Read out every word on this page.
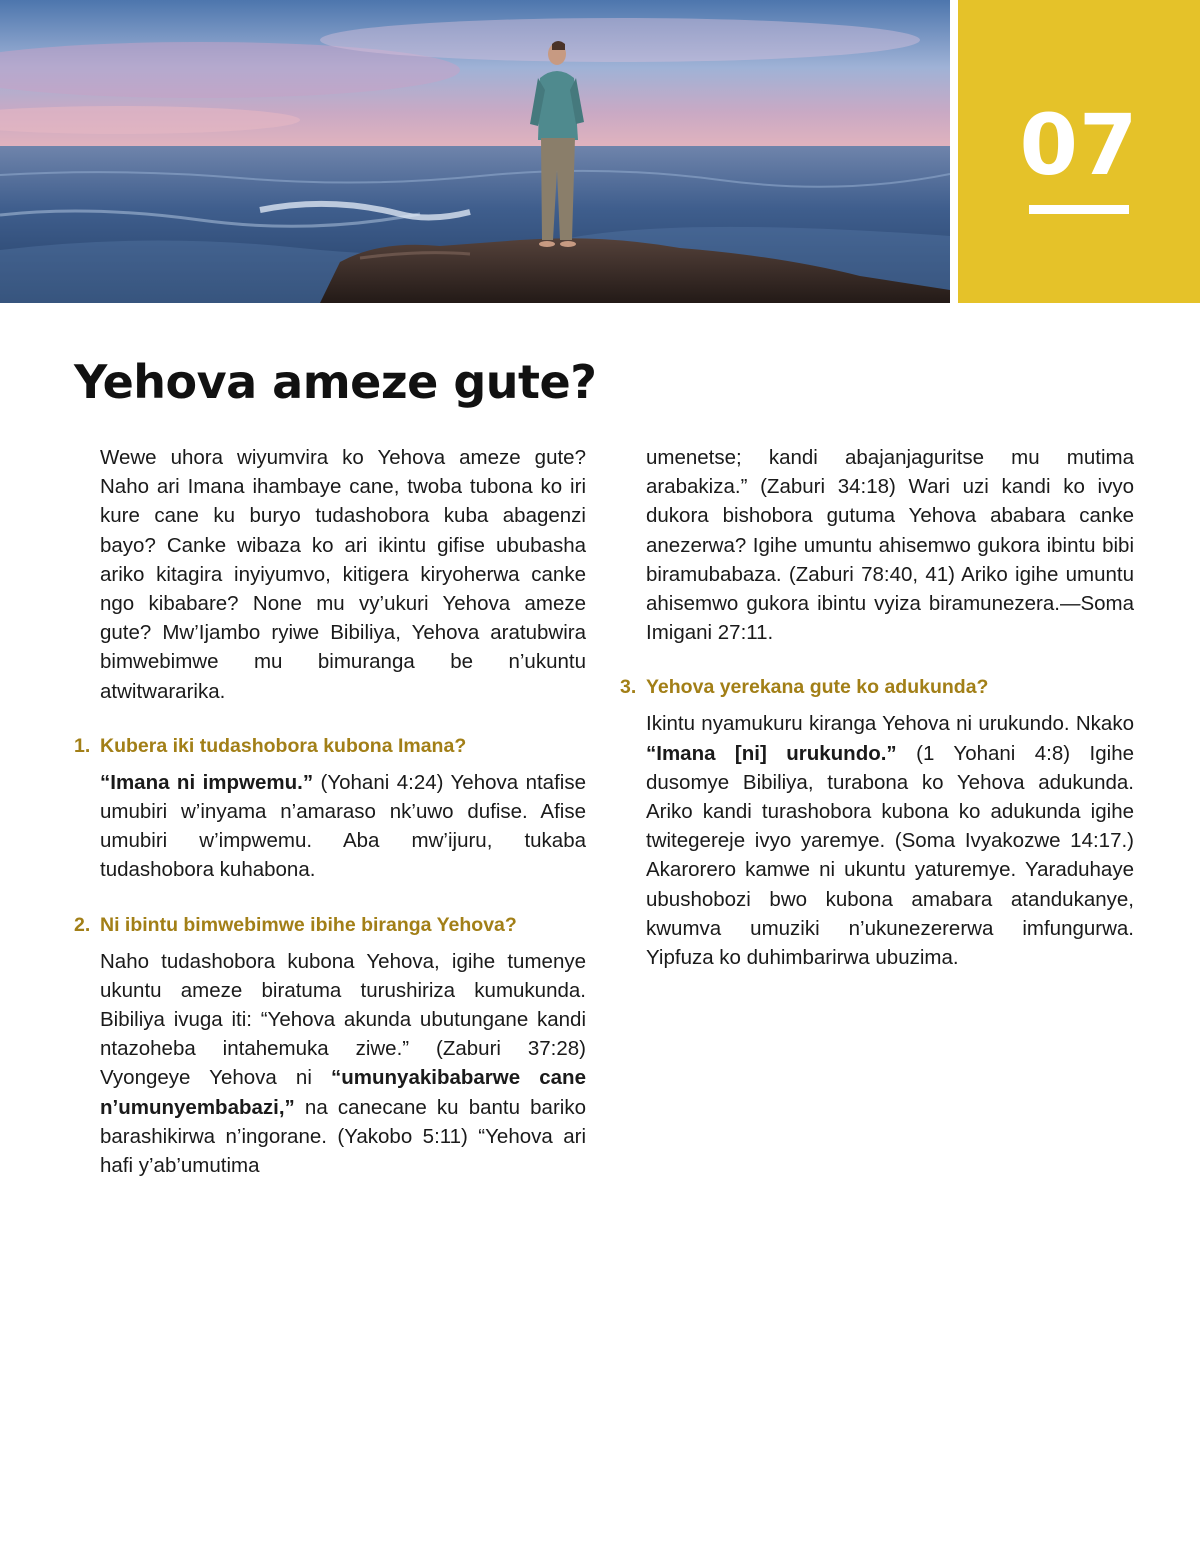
07
Yehova ameze gute?

Wewe uhora wiyumvira ko Yehova ameze gute? Naho ari Imana ihambaye cane, twoba tubona ko iri kure cane ku buryo tudashobora kuba abagenzi bayo? Canke wibaza ko ari ikintu gifise ububasha ariko kitagira inyiyumvo, kitigera kiryoherwa canke ngo kibabare? None mu vy’ukuri Yehova ameze gute? Mw’Ijambo ryiwe Bibiliya, Yehova aratubwira bimwebimwe mu bimuranga be n’ukuntu atwitwararika.

1. Kubera iki tudashobora kubona Imana?

“Imana ni impwemu.” (Yohani 4:24) Yehova ntafise umubiri w’inyama n’amaraso nk’uwo dufise. Afise umubiri w’impwemu. Aba mw’ijuru, tukaba tudashobora kuhabona.

2. Ni ibintu bimwebimwe ibihe biranga Yehova?

Naho tudashobora kubona Yehova, igihe tumenye ukuntu ameze biratuma turushiriza kumukunda. Bibiliya ivuga iti: “Yehova akunda ubutungane kandi ntazoheba intahemuka ziwe.” (Zaburi 37:28) Vyongeye Yehova ni “umunyakibabarwe cane n’umunyembabazi,” na canecane ku bantu bariko barashikirwa n’ingorane. (Yakobo 5:11) “Yehova ari hafi y’ab’umutima

umenetse; kandi abajanjaguritse mu mutima arabakiza.” (Zaburi 34:18) Wari uzi kandi ko ivyo dukora bishobora gutuma Yehova ababara canke anezerwa? Igihe umuntu ahisemwo gukora ibintu bibi biramubabaza. (Zaburi 78:40, 41) Ariko igihe umuntu ahisemwo gukora ibintu vyiza biramunezera.—Soma Imigani 27:11.

3. Yehova yerekana gute ko adukunda?

Ikintu nyamukuru kiranga Yehova ni urukundo. Nkako “Imana [ni] urukundo.” (1 Yohani 4:8) Igihe dusomye Bibiliya, turabona ko Yehova adukunda. Ariko kandi turashobora kubona ko adukunda igihe twitegereje ivyo yaremye. (Soma Ivyakozwe 14:17.) Akarorero kamwe ni ukuntu yaturemye. Yaraduhaye ubushobozi bwo kubona amabara atandukanye, kwumva umuziki n’ukunezererwa imfungurwa. Yipfuza ko duhimbarirwa ubuzima.
